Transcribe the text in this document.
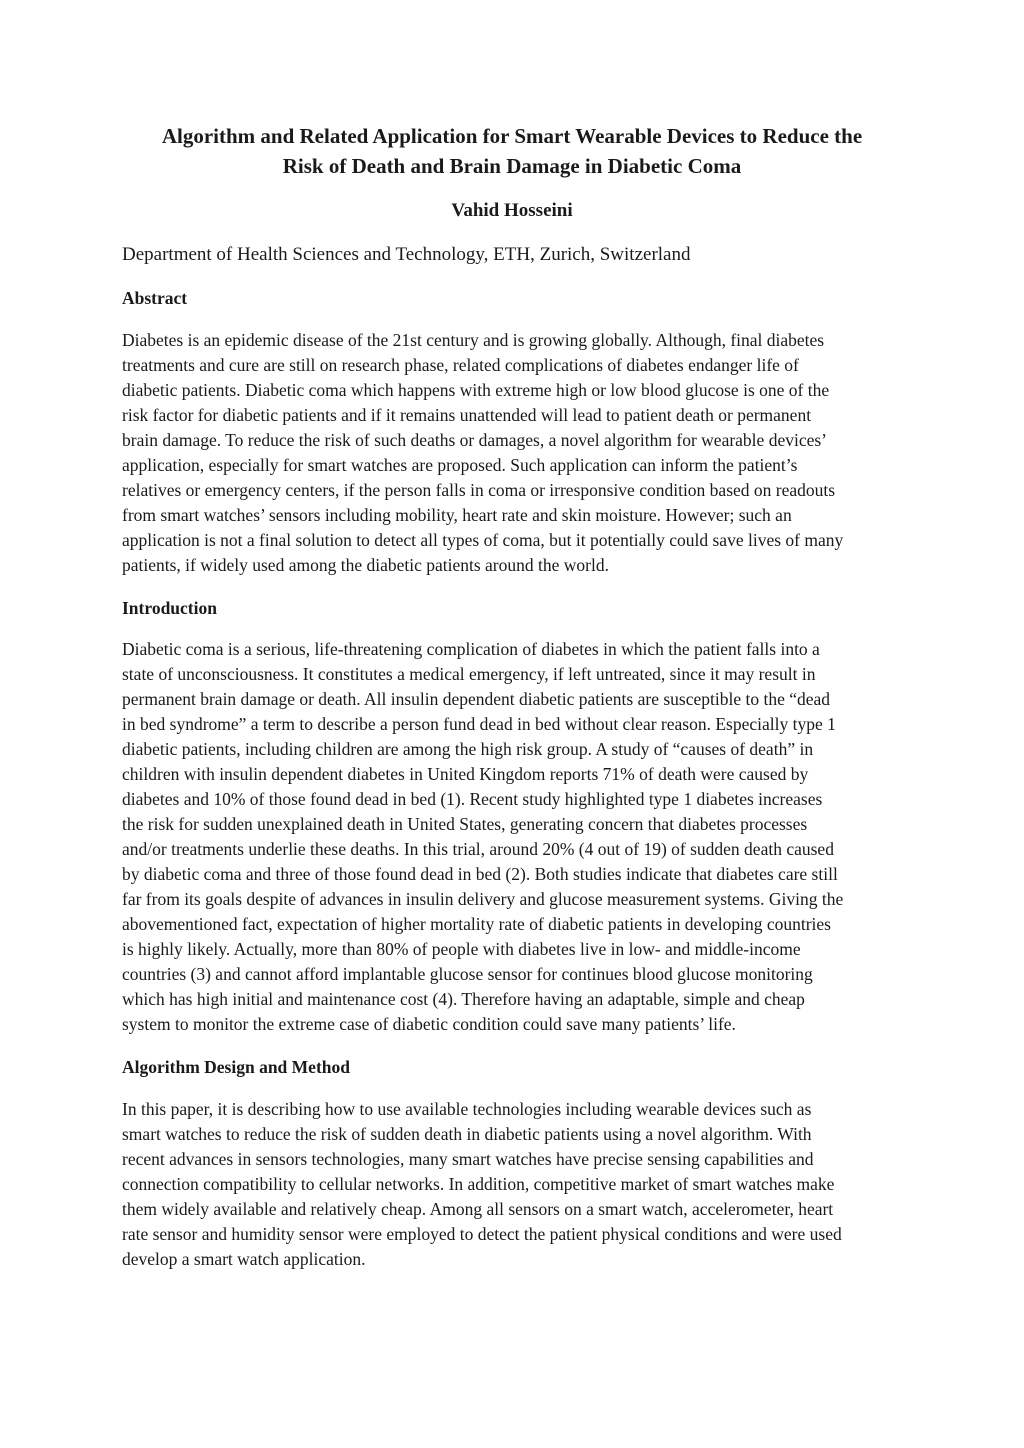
Algorithm and Related Application for Smart Wearable Devices to Reduce the
Risk of Death and Brain Damage in Diabetic Coma

Vahid Hosseini

Department of Health Sciences and Technology, ETH, Zurich, Switzerland

Abstract
Diabetes is an epidemic disease of the 21st century and is growing globally. Although, final diabetes
treatments and cure are still on research phase, related complications of diabetes endanger life of
diabetic patients. Diabetic coma which happens with extreme high or low blood glucose is one of the
risk factor for diabetic patients and if it remains unattended will lead to patient death or permanent
brain damage. To reduce the risk of such deaths or damages, a novel algorithm for wearable devices’
application, especially for smart watches are proposed. Such application can inform the patient’s
relatives or emergency centers, if the person falls in coma or irresponsive condition based on readouts
from smart watches’ sensors including mobility, heart rate and skin moisture. However; such an
application is not a final solution to detect all types of coma, but it potentially could save lives of many
patients, if widely used among the diabetic patients around the world.
Introduction
Diabetic coma is a serious, life-threatening complication of diabetes in which the patient falls into a
state of unconsciousness. It constitutes a medical emergency, if left untreated, since it may result in
permanent brain damage or death. All insulin dependent diabetic patients are susceptible to the “dead
in bed syndrome” a term to describe a person fund dead in bed without clear reason. Especially type 1
diabetic patients, including children are among the high risk group. A study of “causes of death” in
children with insulin dependent diabetes in United Kingdom reports 71% of death were caused by
diabetes and 10% of those found dead in bed (1). Recent study highlighted type 1 diabetes increases
the risk for sudden unexplained death in United States, generating concern that diabetes processes
and/or treatments underlie these deaths. In this trial, around 20% (4 out of 19) of sudden death caused
by diabetic coma and three of those found dead in bed (2). Both studies indicate that diabetes care still
far from its goals despite of advances in insulin delivery and glucose measurement systems. Giving the
abovementioned fact, expectation of higher mortality rate of diabetic patients in developing countries
is highly likely. Actually, more than 80% of people with diabetes live in low- and middle-income
countries (3) and cannot afford implantable glucose sensor for continues blood glucose monitoring
which has high initial and maintenance cost (4). Therefore having an adaptable, simple and cheap
system to monitor the extreme case of diabetic condition could save many patients’ life.
Algorithm Design and Method
In this paper, it is describing how to use available technologies including wearable devices such as
smart watches to reduce the risk of sudden death in diabetic patients using a novel algorithm. With
recent advances in sensors technologies, many smart watches have precise sensing capabilities and
connection compatibility to cellular networks. In addition, competitive market of smart watches make
them widely available and relatively cheap. Among all sensors on a smart watch, accelerometer, heart
rate sensor and humidity sensor were employed to detect the patient physical conditions and were used
develop a smart watch application.
